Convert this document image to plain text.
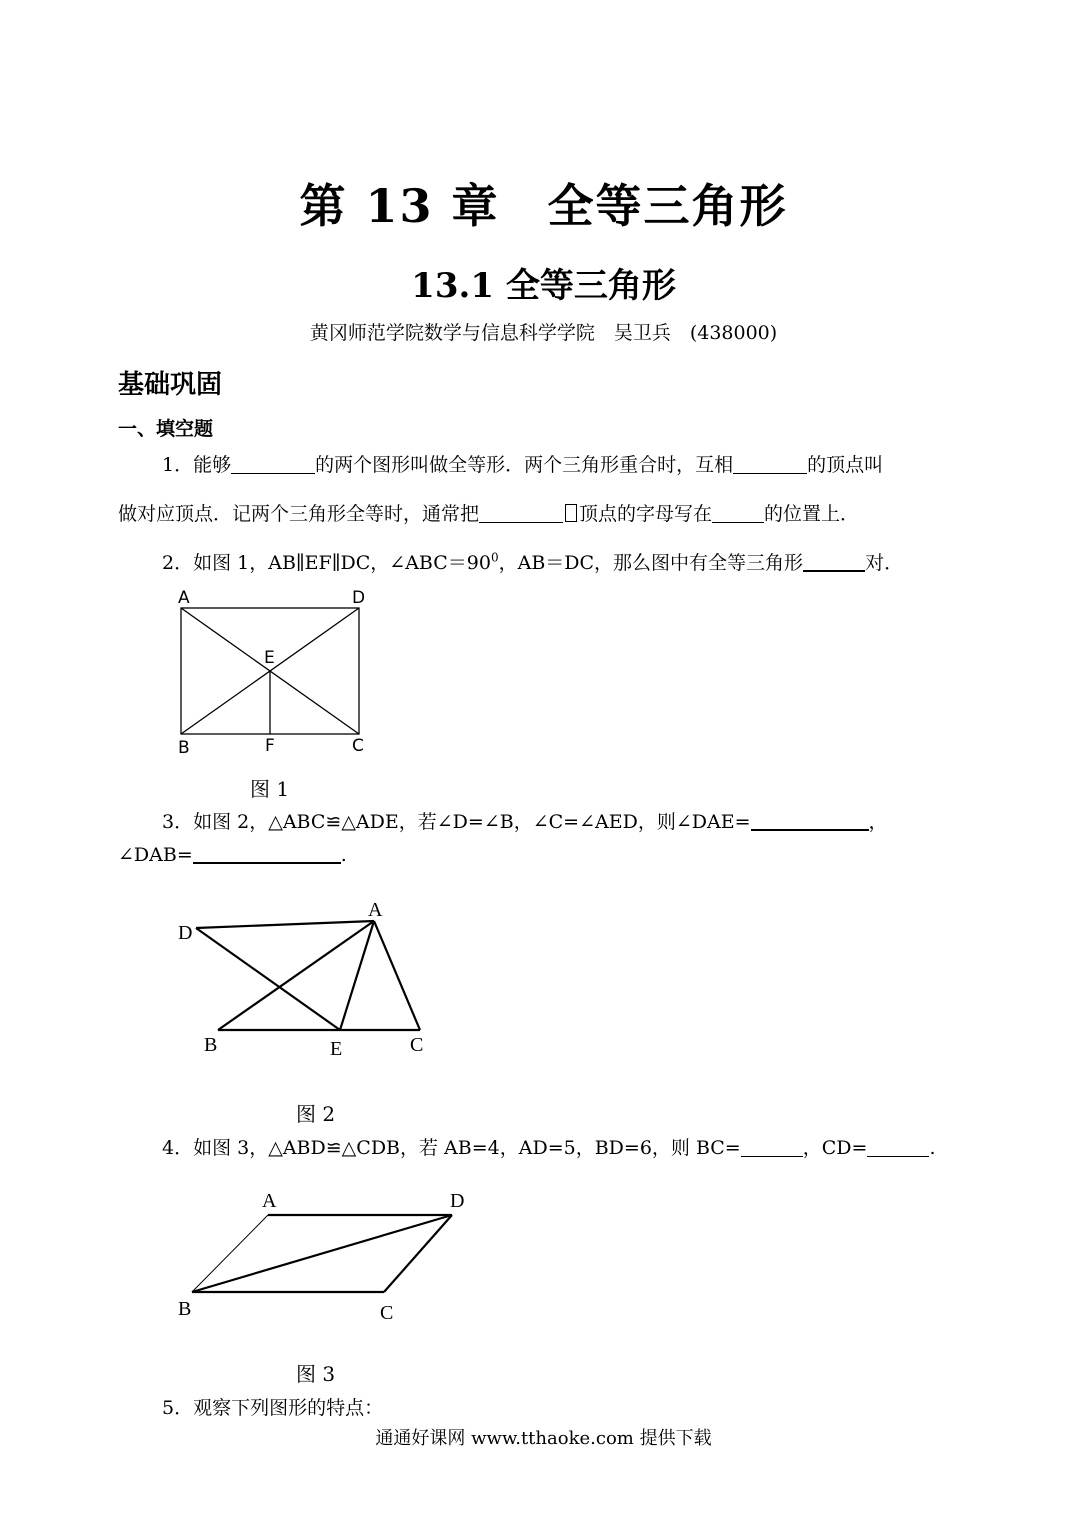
第 13 章　全等三角形
13.1 全等三角形
黄冈师范学院数学与信息科学学院　吴卫兵　(438000)
基础巩固
一、填空题
1．能够	的两个图形叫做全等形．两个三角形重合时，互相	的顶点叫
做对应顶点．记两个三角形全等时，通常把	顶点的字母写在	的位置上．
2．如图 1，AB∥EF∥DC，$\angle ABC=90^0$，AB＝DC，那么图中有全等三角形	对．
A	D
E
B	F	C
图 1
3．如图 2，△ABC≌△ADE，若∠D=∠B，∠C=∠AED，则∠DAE=	，
∠DAB=	.
A
D
B	E	C
图 2
4．如图 3，△ABD≌△CDB，若 AB=4，AD=5，BD=6，则 BC=	，CD=	.
A	D
B	C
图 3
5．观察下列图形的特点：
通通好课网 www.tthaoke.com 提供下载
